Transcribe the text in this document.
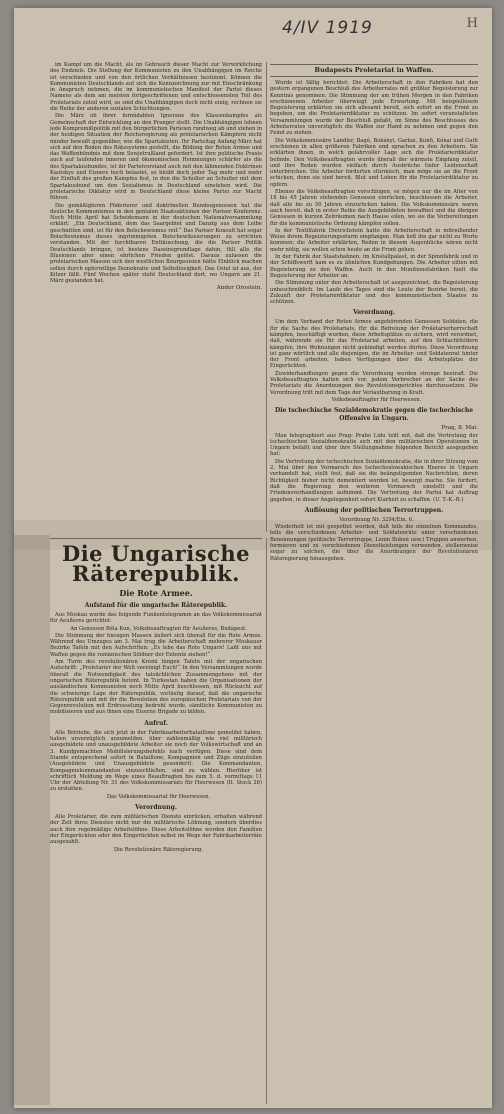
4/IV 1919	H

im Kampf um die Macht, als im Gebrauch dieser Macht zur Verwirklichung des Endziels. Die Stellung der Kommunisten zu den Unabhängigen im Reiche ist verschieden und von den örtlichen Verhältnissen bestimmt. Können die Kommunisten Deutschlands auf sich die Kennzeichnung zur mit Einschränkung in Anspruch nehmen, die im kommunistischen Manifest der Partei dieses Namens als dem am meisten fortgeschrittenen und entschlossensten Teil des Proletariats zuteil wird, so sind die Unabhängigen doch nicht einig, rechnen sie die Reihe der anderen sozialen Schichtungen.

Die März ob ihrer formidablen Ignoranz des Klassenkampfes als Gemeinschaft der Entwicklung an den Pranger stellt. Die Unabhängigen lehnen jede Kompromißpolitik mit den bürgerlichen Parteien rundweg ab und stehen in der heutigen Situation der Reichsregierung als proletarischen Kämpfern nicht minder bewußt gegenüber, wie die Spartakisten. Ihr Parteitag Anfang März hat sich auf den Boden des Rätesystems gestellt, die Bildung der Roten Armee und das Waffenbündnis mit dem Sowjetrußland gefordert. Ist ihre politische Praxis auch auf laufenden inneren und ökonomischen Hemmungen schärfer als die des Spartakusbundes, ist ihr Parteivorstand auch mit den lähmenden Doktrinen Kautskys und Eisners hoch belastet, so bleibt doch jeder Tag mehr und mehr der Einfluß des großen Kampfes fest, in den die Schulter an Schulter mit dem Spartakusbund um den Sozialismus in Deutschland einstehen wird. Die proletarische Diktatur wird in Deutschland diese kleine Partei zur Macht führen.

Die gemäßigteren Föderierer und doktrinellen Bundesgenossen hat die deutsche Kommunismus in den genialen Staatsaktionen der Pariser Konferenz. Noch Mitte April hat Scheidemann in der deutschen Nationalversammlung erklärt: „Ein Deutschland, dem das Saargebiet und Danzig aus dem Leibe geschnitten sind, ist für den Bolschewismus reif.“ Das Pariser Konsult hat sogar Bolschewismus dieses ingrimmigsten Bolschewikisierungen zu errichten verstanden. Mit der furchtbaren Enttäuschung, die die Pariser Politik Deutschlands bringen, ist bestens Daseinsgrundlage dahin, füll alle die Illusionen aber einen ehrlichen Frieden gelöst. Daraus zulassen die proletarischen Massen sich den westlichen Bourgeoisien hätte Einblick machen sollen durch opferwillige Demokratie und Selbstlosigkeit. Das Ostel ist aus, der Kitzer fällt. Fünf Wochen später steht Deutschland dort, wo Ungarn am 21. März gestanden hat.

Andor Orostein.

Die Ungarische Räterepublik.
Die Rote Armee.
Aufstand für die ungarische Räterepublik.

Aus Moskau wurde das folgende Funkentelegramm an das Volkskommissariat für Aeußeres gerichtet:

An Genossen Béla Kun, Volksbeauftragten für Aeußeres, Budapest.

Die Stimmung der hiesigen Massen äußert sich überall für die Rote Armee. Während des Umzuges am 3. Mai trug die Arbeiterschaft mehrerer Moskauer Bezirke Tafeln mit den Aufschriften: „Es lebe das Rote Ungarn! Laßt uns mit Waffen gegen die rumänischen Söldner der Entente ziehen!“

Am Turm des revolutionären Kreml hingen Tafeln mit der ungarischen Aufschrift: „Proletarier der Welt vereinigt Euch!“ In den Versammlungen wurde überall die Notwendigkeit des tatsächlichen Zusammengehens mit der ungarischen Räterepublik betont. In Turkestan haben die Organisationen der ausländischen Kommunisten noch Mitte April beschlossen, mit Rücksicht auf die schwierige Lage der Räterepublik, vorläufig darauf, daß die ungarische Räterepublik und mit ihr die Revolution des europäischen Proletariats von der Gegenrevolution mit Erdrosselung bedroht wurde, sämtliche Kommunisten zu mobilisieren und aus ihnen eine Eiserne Brigade zu bilden.

Aufruf.

Alle Betriebe, die sich jetzt in der Fabriksarbeiterbataillone gemeldet haben, haben unverzüglich anzumelden, über zahlenmäßig wie viel militärisch ausgebildete und unausgebildete Arbeiter sie noch der Volkswirtschaft und an 3. Kundgemachten Mobilisierungsbefehls nach verfügen. Diese sind dem Stande entsprechend sofort in Bataillone, Kompagnien und Züge einzuteilen (Ausgebildete und Unausgebildete gesondert). Die Kommandanten, Kompagniekommandanten einzuschließen, sind zu wählen. Hierüber ist schriftlich Meldung im Wege eines Beauftragten bis zum 5. d. vormittags 11 Uhr der Abteilung Nr. 31 des Volkskommissariats für Heerwesen (II. Stock 26) zu erstatten.

Das Volkskommissariat für Heerwesen.

Verordnung.

Alle Proletarier, die zum militärischen Dienste einrücken, erhalten während der Zeit ihres Dienstes nicht nur die militärische Löhnung, sondern überdies auch ihre regelmäßige Arbeitslöhne. Diese Arbeitslöhne werden den Familien der Eingerückten oder den Eingerückten selbst im Wege der Fabrikarbeiterräte ausgezahlt.

Die Revolutionäre Räteregierung.

Budapests Proletariat in Waffen.

Wurde ist fällig berichtet: Die Arbeiterschaft in den Fabriken hat den gestern ergangenen Beschluß des Arbeiterrates mit größter Begeisterung zur Kenntnis genommen. Die Stimmung der am frühen Morgen in den Fabriken erschienenen Arbeiter überwiegt jede Erwartung. Mit beispiellosem Begeisterung erklärten sie sich allesamt bereit, sich sofort an die Front zu begeben, um die Proletarierdiktatur zu schützen. Im sofort veranstalteten Versammlungen wurde der Beschluß gefaßt, im Sinne des Beschlusses des Arbeiterrates unverzüglich die Waffen zur Hand zu nehmen und gegen den Feind zu ziehen.

Die Volkskommissäre Landler, Bagó, Bokányi, Garbai, Kunfi, Kónai und Guth erschienen in allen größeren Fabriken und sprachen zu den Arbeitern. Sie erklärten ihnen, in welch gefahrvoller Lage sich die Proletarierdiktatur befinde. Den Volksbeauftragten wurde überall der wärmste Empfang zuteil, und ihre Reden wurden vielfach durch Ausbrüche tiefer Leidenschaft unterbrochen. Die Arbeiter forderten stürmisch, man möge sie an die Front schicken, denn sie sind bereit, Blut und Leben für die Proletarierdiktatur zu opfern.

Ebenso die Volksbeauftragten vorschlugen, es mögen nur die im Alter von 18 bis 45 Jahren stehenden Genossen einrücken, beschlossen die Arbeiter, daß alle bis zu 50 Jahren einzurücken haben. Die Volkskommissäre waren auch bereit, daß in erster Reihe die Ausgebildeten bewaffnet und die übrigen Genossen in kurzen Zeiträumen nach Hause eilen, wo sie die Vorbereitungen für die kommunistische Ordnung kämpfen sollen.

In der Textilfabrik Dietrichstein hatte die Arbeiterschaft in mitreißender Weise ihrem Begeisterungssturm empfangen. Man ließ ihn gar nicht zu Worte kommen; die Arbeiter erklärten, Reden in diesem Augenblicke wären nicht mehr nötig, sie wollen schon heute an die Front gehen.

In der Fabrik der Staatsbahnen, im Kristallpalast, in der Spinnfabrik und in der Schiffswerft kam es zu ähnlichen Kundgebungen. Die Arbeiter eilten mit Begeisterung zu den Waffen. Auch in den Munitionsfabriken hielt die Begeisterung der Arbeiter an.

Die Stimmung unter den Arbeiterschaft ist ausgezeichnet, die Begeisterung unbeschreiblich. Im Laufe des Tages sind die Leute der Bezirke bereit, die Zukunft der Proletarierdiktatur und des kommunistischen Staates zu schützen.

Verordnung.

Um dem Verband der Roten Armee angehörenden Genossen Soldaten, die für die Sache des Proletariats, für die Befreiung der Proletarierherrschaft kämpfen, beschäftigt wurden, diese Arbeitsplätze zu sichern, wird verordnet, daß, währende sie für das Proletariat arbeiten, auf den Schlachtfeldern kämpfen, ihre Wohnungen nicht gekündigt werden dürfen. Diese Verordnung ist ganz wörtlich und alle diejenigen, die im Arbeiter- und Soldatenrat hinter der Front arbeiten, haben Verfügungen über die Arbeitsplätze der Eingerückten.

Zuwiderhandlungen gegen die Verordnung werden strenge bestraft. Die Volksbeauftragten halten sich vor, jedem Verbrecher an der Sache des Proletariats die Anordnungen des Revolutionsgerichtes durchzusetzen. Die Verordnung tritt mit dem Tage der Verlautbarung in Kraft.

Volksbeauftragter für Heerwesen.

Die tschechische Sozialdemokratie gegen die tschechische Offensive in Ungarn.

Prag, 8. Mai.

Man telegraphiert aus Prag: Prabo Lidu teilt mit, daß die Vertretung der tschechischen Sozialdemokratie sich mit den militärischen Operationen in Ungarn befaßt und über ihre Stellungnahme folgenden Bericht ausgegeben hat:

Die Vertretung der tschechischen Sozialdemokratie, die in ihrer Sitzung vom 2. Mai über den Vormarsch des tschechoslowakischen Heeres in Ungarn verhandelt hat, stellt fest, daß sie die beängstigenden Nachrichten, deren Richtigkeit bisher nicht dementiert worden ist, besorgt mache. Sie fordert, daß die Regierung den weiteren Vormarsch einstellt und die Friedensverhandlungen aufnimmt. Die Vertretung der Partei hat Auftrag gegeben, in dieser Angelegenheit sofort Klarheit zu schaffen. (U. T.-K.-B.)

Auflösung der politischen Terrortruppen.

Verordnung Nr. 3294/Ein. 6.

Wiederholt ist mit gespottet worden, daß teils die einzelnen Kommandos, teils die verschiedenen Arbeiter- und Soldatenräte unter verschiedenen Benennungen (politische Terrortruppe, Lenin Buben usw.) Truppen anwerben, formieren und zu verschiedenen Dienstleistungen verwenden, stellenweise sogar zu solchen, die über die Anordnungen der Revolutionären Räteregierung hinausgehen.
